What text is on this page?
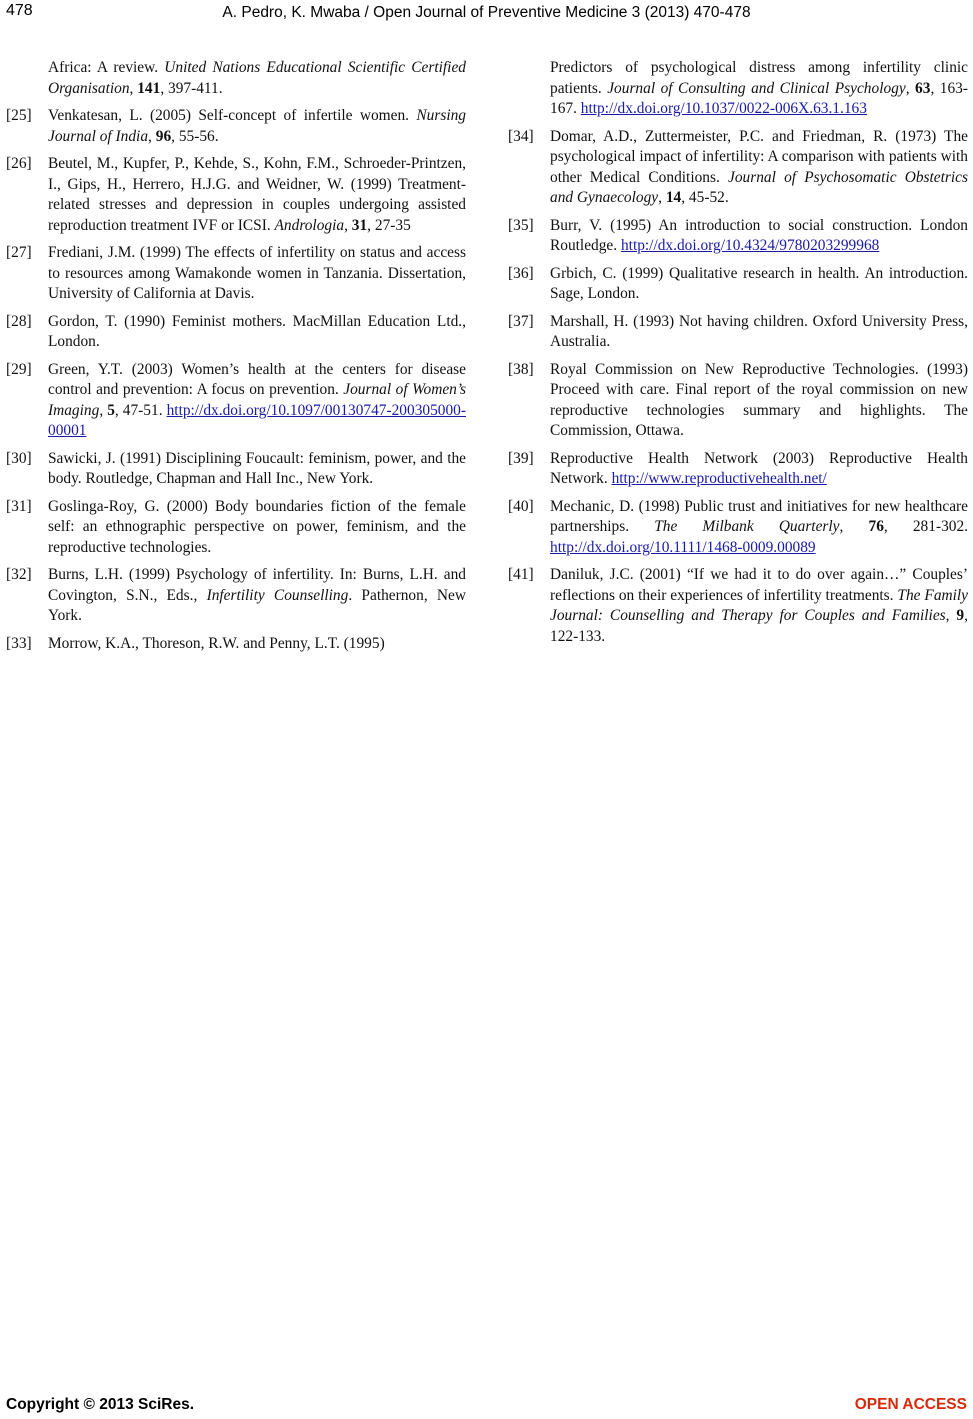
478	A. Pedro, K. Mwaba / Open Journal of Preventive Medicine 3 (2013) 470-478
Africa: A review. United Nations Educational Scientific Certified Organisation, 141, 397-411.
[25] Venkatesan, L. (2005) Self-concept of infertile women. Nursing Journal of India, 96, 55-56.
[26] Beutel, M., Kupfer, P., Kehde, S., Kohn, F.M., Schroeder-Printzen, I., Gips, H., Herrero, H.J.G. and Weidner, W. (1999) Treatment-related stresses and depression in couples undergoing assisted reproduction treatment IVF or ICSI. Andrologia, 31, 27-35
[27] Frediani, J.M. (1999) The effects of infertility on status and access to resources among Wamakonde women in Tanzania. Dissertation, University of California at Davis.
[28] Gordon, T. (1990) Feminist mothers. MacMillan Education Ltd., London.
[29] Green, Y.T. (2003) Women’s health at the centers for disease control and prevention: A focus on prevention. Journal of Women’s Imaging, 5, 47-51. http://dx.doi.org/10.1097/00130747-200305000-00001
[30] Sawicki, J. (1991) Disciplining Foucault: feminism, power, and the body. Routledge, Chapman and Hall Inc., New York.
[31] Goslinga-Roy, G. (2000) Body boundaries fiction of the female self: an ethnographic perspective on power, feminism, and the reproductive technologies.
[32] Burns, L.H. (1999) Psychology of infertility. In: Burns, L.H. and Covington, S.N., Eds., Infertility Counselling. Pathernon, New York.
[33] Morrow, K.A., Thoreson, R.W. and Penny, L.T. (1995)
Predictors of psychological distress among infertility clinic patients. Journal of Consulting and Clinical Psychology, 63, 163-167. http://dx.doi.org/10.1037/0022-006X.63.1.163
[34] Domar, A.D., Zuttermeister, P.C. and Friedman, R. (1973) The psychological impact of infertility: A comparison with patients with other Medical Conditions. Journal of Psychosomatic Obstetrics and Gynaecology, 14, 45-52.
[35] Burr, V. (1995) An introduction to social construction. London Routledge. http://dx.doi.org/10.4324/9780203299968
[36] Grbich, C. (1999) Qualitative research in health. An introduction. Sage, London.
[37] Marshall, H. (1993) Not having children. Oxford University Press, Australia.
[38] Royal Commission on New Reproductive Technologies. (1993) Proceed with care. Final report of the royal commission on new reproductive technologies summary and highlights. The Commission, Ottawa.
[39] Reproductive Health Network (2003) Reproductive Health Network. http://www.reproductivehealth.net/
[40] Mechanic, D. (1998) Public trust and initiatives for new healthcare partnerships. The Milbank Quarterly, 76, 281-302. http://dx.doi.org/10.1111/1468-0009.00089
[41] Daniluk, J.C. (2001) “If we had it to do over again…” Couples’ reflections on their experiences of infertility treatments. The Family Journal: Counselling and Therapy for Couples and Families, 9, 122-133.
Copyright © 2013 SciRes.	OPEN ACCESS
